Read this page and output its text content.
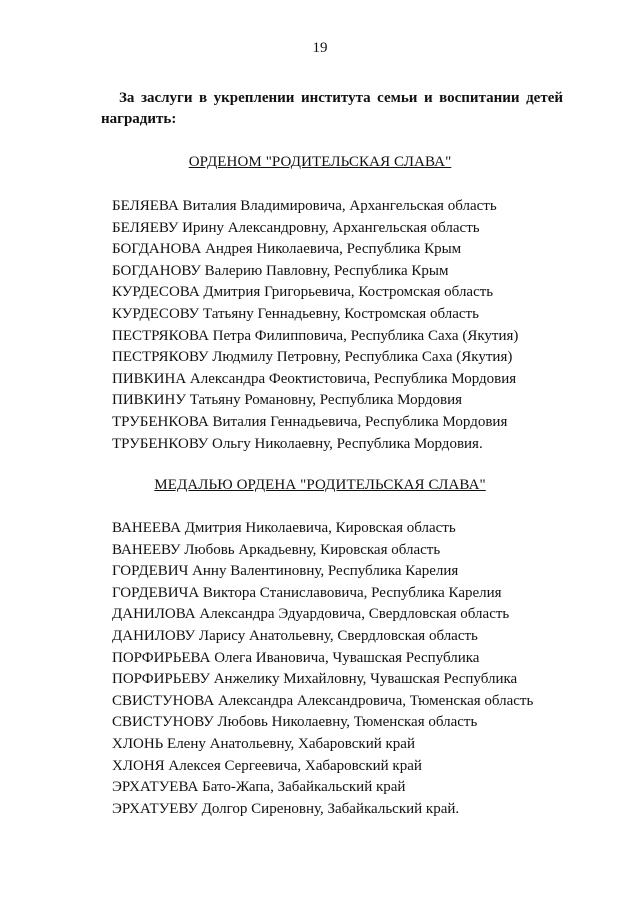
19
За заслуги в укреплении института семьи и воспитании детей наградить:
ОРДЕНОМ "РОДИТЕЛЬСКАЯ СЛАВА"
БЕЛЯЕВА Виталия Владимировича, Архангельская область
БЕЛЯЕВУ Ирину Александровну, Архангельская область
БОГДАНОВА Андрея Николаевича, Республика Крым
БОГДАНОВУ Валерию Павловну, Республика Крым
КУРДЕСОВА Дмитрия Григорьевича, Костромская область
КУРДЕСОВУ Татьяну Геннадьевну, Костромская область
ПЕСТРЯКОВА Петра Филипповича, Республика Саха (Якутия)
ПЕСТРЯКОВУ Людмилу Петровну, Республика Саха (Якутия)
ПИВКИНА Александра Феоктистовича, Республика Мордовия
ПИВКИНУ Татьяну Романовну, Республика Мордовия
ТРУБЕНКОВА Виталия Геннадьевича, Республика Мордовия
ТРУБЕНКОВУ Ольгу Николаевну, Республика Мордовия.
МЕДАЛЬЮ ОРДЕНА "РОДИТЕЛЬСКАЯ СЛАВА"
ВАНЕЕВА Дмитрия Николаевича, Кировская область
ВАНЕЕВУ Любовь Аркадьевну, Кировская область
ГОРДЕВИЧ Анну Валентиновну, Республика Карелия
ГОРДЕВИЧА Виктора Станиславовича, Республика Карелия
ДАНИЛОВА Александра Эдуардовича, Свердловская область
ДАНИЛОВУ Ларису Анатольевну, Свердловская область
ПОРФИРЬЕВА Олега Ивановича, Чувашская Республика
ПОРФИРЬЕВУ Анжелику Михайловну, Чувашская Республика
СВИСТУНОВА Александра Александровича, Тюменская область
СВИСТУНОВУ Любовь Николаевну, Тюменская область
ХЛОНЬ Елену Анатольевну, Хабаровский край
ХЛОНЯ Алексея Сергеевича, Хабаровский край
ЭРХАТУЕВА Бато-Жапа, Забайкальский край
ЭРХАТУЕВУ Долгор Сиреновну, Забайкальский край.
